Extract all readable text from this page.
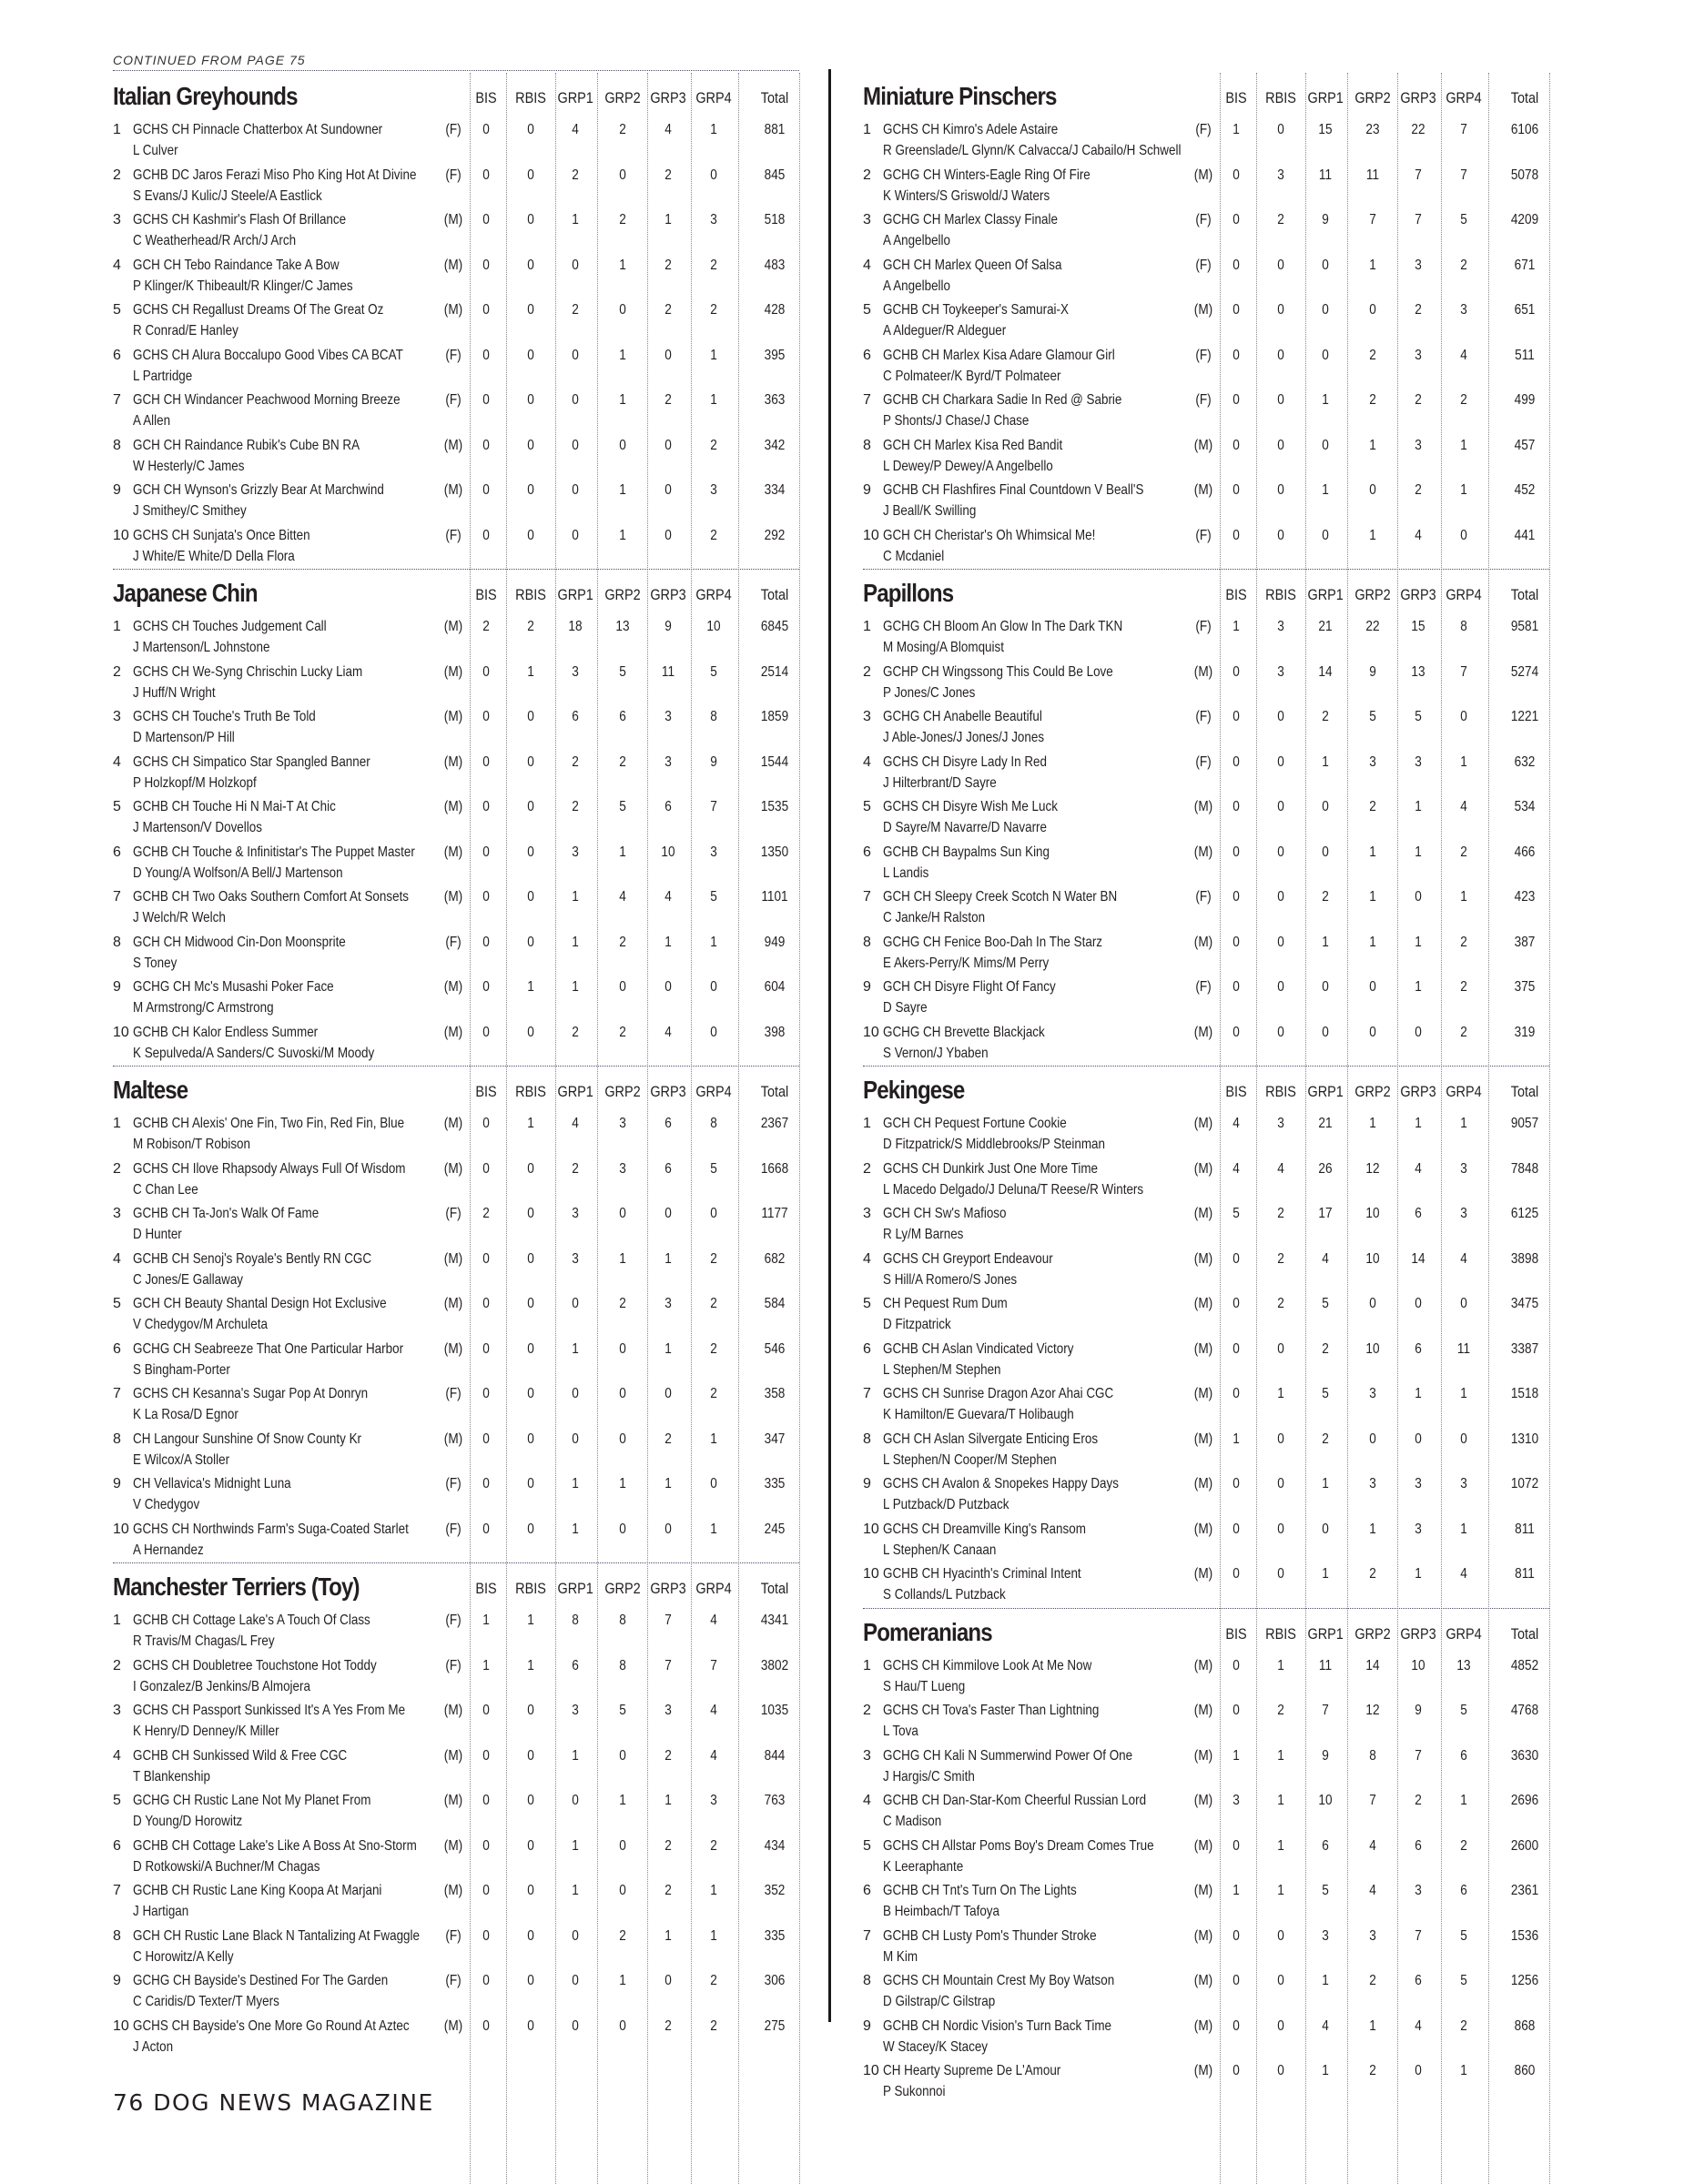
CONTINUED FROM PAGE 75
Italian Greyhounds	BIS	RBIS GRP1 GRP2 GRP3 GRP4	Total
1 GCHS CH Pinnacle Chatterbox At Sundowner
L Culver
(F)	0	0	4	2	4	1	881
2 GCHB DC Jaros Ferazi Miso Pho King Hot At Divine
S Evans/J Kulic/J Steele/A Eastlick
(F)	0	0	2	0	2	0	845
3 GCHS CH Kashmir's Flash Of Brillance
C Weatherhead/R Arch/J Arch
(M)	0	0	1	2	1	3	518
4 GCH CH Tebo Raindance Take A Bow
P Klinger/K Thibeault/R Klinger/C James
(M)	0	0	0	1	2	2	483
5 GCHS CH Regallust Dreams Of The Great Oz
R Conrad/E Hanley
(M)	0	0	2	0	2	2	428
6 GCHS CH Alura Boccalupo Good Vibes CA BCAT
L Partridge
(F)	0	0	0	1	0	1	395
7 GCH CH Windancer Peachwood Morning Breeze
A Allen
(F)	0	0	0	1	2	1	363
8 GCH CH Raindance Rubik's Cube BN RA
W Hesterly/C James
(M)	0	0	0	0	0	2	342
9 GCH CH Wynson's Grizzly Bear At Marchwind
J Smithey/C Smithey
(M)	0	0	0	1	0	3	334
10 GCHS CH Sunjata's Once Bitten
J White/E White/D Della Flora
(F)	0	0	0	1	0	2	292
Japanese Chin	BIS	RBIS GRP1 GRP2 GRP3 GRP4	Total
1 GCHS CH Touches Judgement Call
J Martenson/L Johnstone
(M)	2	2	18	13	9	10	6845
2 GCHS CH We-Syng Chrischin Lucky Liam
J Huff/N Wright
(M)	0	1	3	5	11	5	2514
3 GCHS CH Touche's Truth Be Told
D Martenson/P Hill
(M)	0	0	6	6	3	8	1859
4 GCHS CH Simpatico Star Spangled Banner
P Holzkopf/M Holzkopf
(M)	0	0	2	2	3	9	1544
5 GCHB CH Touche Hi N Mai-T At Chic
J Martenson/V Dovellos
(M)	0	0	2	5	6	7	1535
6 GCHB CH Touche & Infinitistar's The Puppet Master
D Young/A Wolfson/A Bell/J Martenson
(M)	0	0	3	1	10	3	1350
7 GCHB CH Two Oaks Southern Comfort At Sonsets
J Welch/R Welch
(M)	0	0	1	4	4	5	1101
8 GCH CH Midwood Cin-Don Moonsprite
S Toney
(F)	0	0	1	2	1	1	949
9 GCHG CH Mc's Musashi Poker Face
M Armstrong/C Armstrong
(M)	0	1	1	0	0	0	604
10 GCHB CH Kalor Endless Summer
K Sepulveda/A Sanders/C Suvoski/M Moody
(M)	0	0	2	2	4	0	398
Maltese	BIS	RBIS GRP1 GRP2 GRP3 GRP4	Total
1 GCHB CH Alexis' One Fin, Two Fin, Red Fin, Blue
M Robison/T Robison
(M)	0	1	4	3	6	8	2367
2 GCHS CH Ilove Rhapsody Always Full Of Wisdom
C Chan Lee
(M)	0	0	2	3	6	5	1668
3 GCHB CH Ta-Jon's Walk Of Fame
D Hunter
(F)	2	0	3	0	0	0	1177
4 GCHB CH Senoj's Royale's Bently RN CGC
C Jones/E Gallaway
(M)	0	0	3	1	1	2	682
5 GCH CH Beauty Shantal Design Hot Exclusive
V Chedygov/M Archuleta
(M)	0	0	0	2	3	2	584
6 GCHG CH Seabreeze That One Particular Harbor
S Bingham-Porter
(M)	0	0	1	0	1	2	546
7 GCHS CH Kesanna's Sugar Pop At Donryn
K La Rosa/D Egnor
(F)	0	0	0	0	0	2	358
8 CH Langour Sunshine Of Snow County Kr
E Wilcox/A Stoller
(M)	0	0	0	0	2	1	347
9 CH Vellavica's Midnight Luna
V Chedygov
(F)	0	0	1	1	1	0	335
10 GCHS CH Northwinds Farm's Suga-Coated Starlet
A Hernandez
(F)	0	0	1	0	0	1	245
Manchester Terriers (Toy)	BIS	RBIS GRP1 GRP2 GRP3 GRP4	Total
1 GCHB CH Cottage Lake's A Touch Of Class
R Travis/M Chagas/L Frey
(F)	1	1	8	8	7	4	4341
2 GCHS CH Doubletree Touchstone Hot Toddy
I Gonzalez/B Jenkins/B Almojera
(F)	1	1	6	8	7	7	3802
3 GCHS CH Passport Sunkissed It's A Yes From Me
K Henry/D Denney/K Miller
(M)	0	0	3	5	3	4	1035
4 GCHB CH Sunkissed Wild & Free CGC
T Blankenship
(M)	0	0	1	0	2	4	844
5 GCHG CH Rustic Lane Not My Planet From
D Young/D Horowitz
(M)	0	0	0	1	1	3	763
6 GCHB CH Cottage Lake's Like A Boss At Sno-Storm
D Rotkowski/A Buchner/M Chagas
(M)	0	0	1	0	2	2	434
7 GCHB CH Rustic Lane King Koopa At Marjani
J Hartigan
(M)	0	0	1	0	2	1	352
8 GCH CH Rustic Lane Black N Tantalizing At Fwaggle
C Horowitz/A Kelly
(F)	0	0	0	2	1	1	335
9 GCHG CH Bayside's Destined For The Garden
C Caridis/D Texter/T Myers
(F)	0	0	0	1	0	2	306
10 GCHS CH Bayside's One More Go Round At Aztec
J Acton
(M)	0	0	0	0	2	2	275
Miniature Pinschers	BIS	RBIS GRP1 GRP2 GRP3 GRP4	Total
1 GCHS CH Kimro's Adele Astaire
R Greenslade/L Glynn/K Calvacca/J Cabailo/H Schwell
(F)	1	0	15	23	22	7	6106
2 GCHG CH Winters-Eagle Ring Of Fire
K Winters/S Griswold/J Waters
(M)	0	3	11	11	7	7	5078
3 GCHG CH Marlex Classy Finale
A Angelbello
(F)	0	2	9	7	7	5	4209
4 GCH CH Marlex Queen Of Salsa
A Angelbello
(F)	0	0	0	1	3	2	671
5 GCHB CH Toykeeper's Samurai-X
A Aldeguer/R Aldeguer
(M)	0	0	0	0	2	3	651
6 GCHB CH Marlex Kisa Adare Glamour Girl
C Polmateer/K Byrd/T Polmateer
(F)	0	0	0	2	3	4	511
7 GCHB CH Charkara Sadie In Red @ Sabrie
P Shonts/J Chase/J Chase
(F)	0	0	1	2	2	2	499
8 GCH CH Marlex Kisa Red Bandit
L Dewey/P Dewey/A Angelbello
(M)	0	0	0	1	3	1	457
9 GCHB CH Flashfires Final Countdown V Beall'S
J Beall/K Swilling
(M)	0	0	1	0	2	1	452
10 GCH CH Cheristar's Oh Whimsical Me!
C Mcdaniel
(F)	0	0	0	1	4	0	441
Papillons	BIS	RBIS GRP1 GRP2 GRP3 GRP4	Total
1 GCHG CH Bloom An Glow In The Dark TKN
M Mosing/A Blomquist
(F)	1	3	21	22	15	8	9581
2 GCHP CH Wingssong This Could Be Love
P Jones/C Jones
(M)	0	3	14	9	13	7	5274
3 GCHG CH Anabelle Beautiful
J Able-Jones/J Jones/J Jones
(F)	0	0	2	5	5	0	1221
4 GCHS CH Disyre Lady In Red
J Hilterbrant/D Sayre
(F)	0	0	1	3	3	1	632
5 GCHS CH Disyre Wish Me Luck
D Sayre/M Navarre/D Navarre
(M)	0	0	0	2	1	4	534
6 GCHB CH Baypalms Sun King
L Landis
(M)	0	0	0	1	1	2	466
7 GCH CH Sleepy Creek Scotch N Water BN
C Janke/H Ralston
(F)	0	0	2	1	0	1	423
8 GCHG CH Fenice Boo-Dah In The Starz
E Akers-Perry/K Mims/M Perry
(M)	0	0	1	1	1	2	387
9 GCH CH Disyre Flight Of Fancy
D Sayre
(F)	0	0	0	0	1	2	375
10 GCHG CH Brevette Blackjack
S Vernon/J Ybaben
(M)	0	0	0	0	0	2	319
Pekingese	BIS	RBIS GRP1 GRP2 GRP3 GRP4	Total
1 GCH CH Pequest Fortune Cookie
D Fitzpatrick/S Middlebrooks/P Steinman
(M)	4	3	21	1	1	1	9057
2 GCHS CH Dunkirk Just One More Time
L Macedo Delgado/J Deluna/T Reese/R Winters
(M)	4	4	26	12	4	3	7848
3 GCH CH Sw's Mafioso
R Ly/M Barnes
(M)	5	2	17	10	6	3	6125
4 GCHS CH Greyport Endeavour
S Hill/A Romero/S Jones
(M)	0	2	4	10	14	4	3898
5 CH Pequest Rum Dum
D Fitzpatrick
(M)	0	2	5	0	0	0	3475
6 GCHB CH Aslan Vindicated Victory
L Stephen/M Stephen
(M)	0	0	2	10	6	11	3387
7 GCHS CH Sunrise Dragon Azor Ahai CGC
K Hamilton/E Guevara/T Holibaugh
(M)	0	1	5	3	1	1	1518
8 GCH CH Aslan Silvergate Enticing Eros
L Stephen/N Cooper/M Stephen
(M)	1	0	2	0	0	0	1310
9 GCHS CH Avalon & Snopekes Happy Days
L Putzback/D Putzback
(M)	0	0	1	3	3	3	1072
10 GCHS CH Dreamville King's Ransom
L Stephen/K Canaan
(M)	0	0	0	1	3	1	811
10 GCHB CH Hyacinth's Criminal Intent
S Collands/L Putzback
(M)	0	0	1	2	1	4	811
Pomeranians	BIS	RBIS GRP1 GRP2 GRP3 GRP4	Total
1 GCHS CH Kimmilove Look At Me Now
S Hau/T Lueng
(M)	0	1	11	14	10	13	4852
2 GCHS CH Tova's Faster Than Lightning
L Tova
(M)	0	2	7	12	9	5	4768
3 GCHG CH Kali N Summerwind Power Of One
J Hargis/C Smith
(M)	1	1	9	8	7	6	3630
4 GCHB CH Dan-Star-Kom Cheerful Russian Lord
C Madison
(M)	3	1	10	7	2	1	2696
5 GCHS CH Allstar Poms Boy's Dream Comes True
K Leeraphante
(M)	0	1	6	4	6	2	2600
6 GCHB CH Tnt's Turn On The Lights
B Heimbach/T Tafoya
(M)	1	1	5	4	3	6	2361
7 GCHB CH Lusty Pom's Thunder Stroke
M Kim
(M)	0	0	3	3	7	5	1536
8 GCHS CH Mountain Crest My Boy Watson
D Gilstrap/C Gilstrap
(M)	0	0	1	2	6	5	1256
9 GCHB CH Nordic Vision's Turn Back Time
W Stacey/K Stacey
(M)	0	0	4	1	4	2	868
10 CH Hearty Supreme De L'Amour
P Sukonnoi
(M)	0	0	1	2	0	1	860
76 DOG NEWS MAGAZINE
